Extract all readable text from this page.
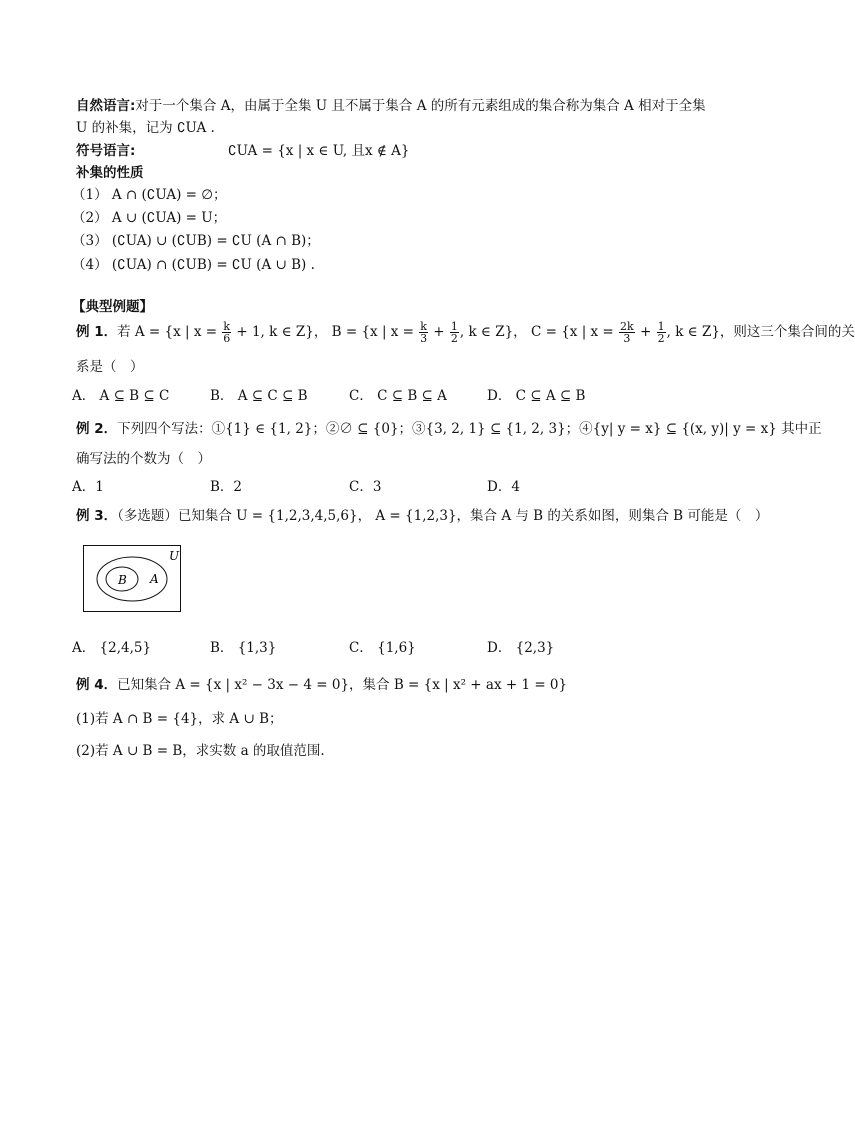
自然语言:对于一个集合 A，由属于全集 U 且不属于集合 A 的所有元素组成的集合称为集合 A 相对于全集
U 的补集，记为 ∁UA .
符号语言:	∁UA = {x | x ∈ U, 且x ∉ A}
补集的性质
（1） A ∩ (∁UA) = ∅；
（2） A ∪ (∁UA) = U；
（3） (∁UA) ∪ (∁UB) = ∁U (A ∩ B)；
（4） (∁UA) ∩ (∁UB) = ∁U (A ∪ B) .
【典型例题】
例 1．若 A = {x | $x = \frac{k}{6} + 1$, k ∈ Z}， B = {x | $x = \frac{k}{3} + \frac{1}{2}$ , k ∈ Z}， C = {x | $x = \frac{2k}{3} + \frac{1}{2}$ , k ∈ Z}，则这三个集合间的关
系是（　）
A． A ⊆ B ⊆ C	B． A ⊆ C ⊆ B	C． C ⊆ B ⊆ A	D． C ⊆ A ⊆ B
例 2．下列四个写法：①{1} ∈ {1, 2}；②∅ ⊆ {0}；③{3, 2, 1} ⊆ {1, 2, 3}；④{y| y = x} ⊆ {(x, y)| y = x} 其中正
确写法的个数为（　）
A．1	B．2	C．3	D．4
例 3．（多选题）已知集合 U = {1,2,3,4,5,6}， A = {1,2,3}，集合 A 与 B 的关系如图，则集合 B 可能是（　）
U
A
B
A． {2,4,5}	B． {1,3}	C． {1,6}	D． {2,3}
例 4．已知集合 A = {x | x² − 3x − 4 = 0}，集合 B = {x | x² + ax + 1 = 0}
(1)若 A ∩ B = {4}，求 A ∪ B；
(2)若 A ∪ B = B，求实数 a 的取值范围.
